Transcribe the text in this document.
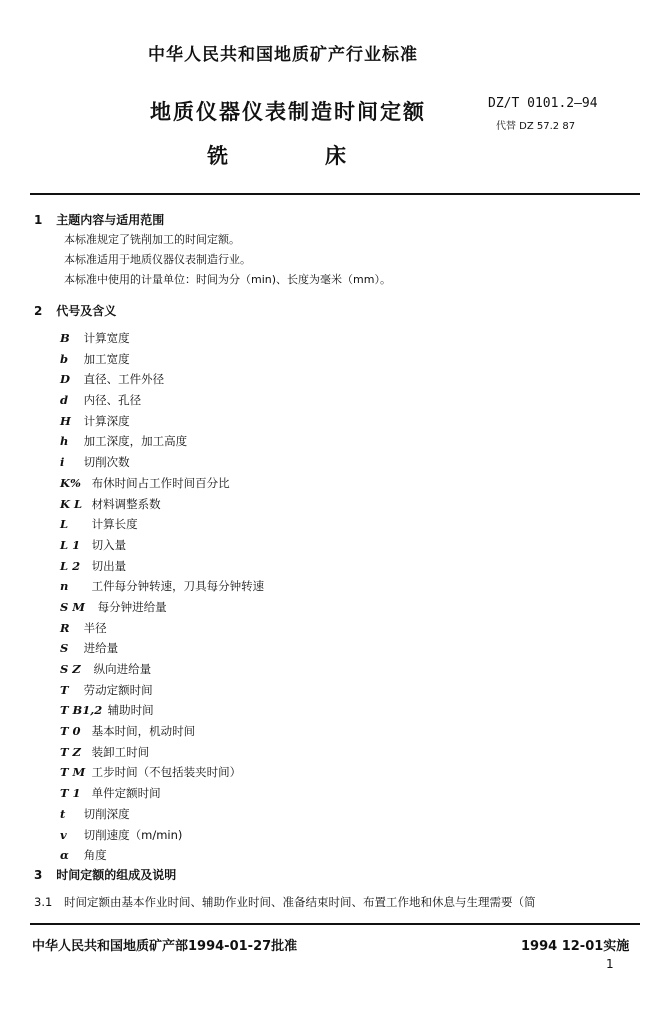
中华人民共和国地质矿产行业标准
地质仪器仪表制造时间定额
铣	床
DZ/T 0101.2—94
代替 DZ 57.2 87
1 主题内容与适用范围
本标准规定了铣削加工的时间定额。
本标准适用于地质仪器仪表制造行业。
本标准中使用的计量单位：时间为分（min)、长度为毫米（mm）。
2 代号及含义
B 计算宽度
b 加工宽度
D 直径、工件外径
d 内径、孔径
H 计算深度
h 加工深度，加工高度
i 切削次数
K% 布休时间占工作时间百分比
K L 材料调整系数
L 计算长度
L 1 切入量
L 2 切出量
n 工件每分钟转速，刀具每分钟转速
S M 每分钟进给量
R 半径
S 进给量
S Z 纵向进给量
T 劳动定额时间
T B1,2 辅助时间
T 0 基本时间，机动时间
T Z 装卸工时间
T M 工步时间（不包括装夹时间）
T 1 单件定额时间
t 切削深度
v 切削速度（m/min)
α 角度
3 时间定额的组成及说明
3.1 时间定额由基本作业时间、辅助作业时间、准备结束时间、布置工作地和休息与生理需要（简
中华人民共和国地质矿产部1994-01-27批准	1994 12-01实施
1
